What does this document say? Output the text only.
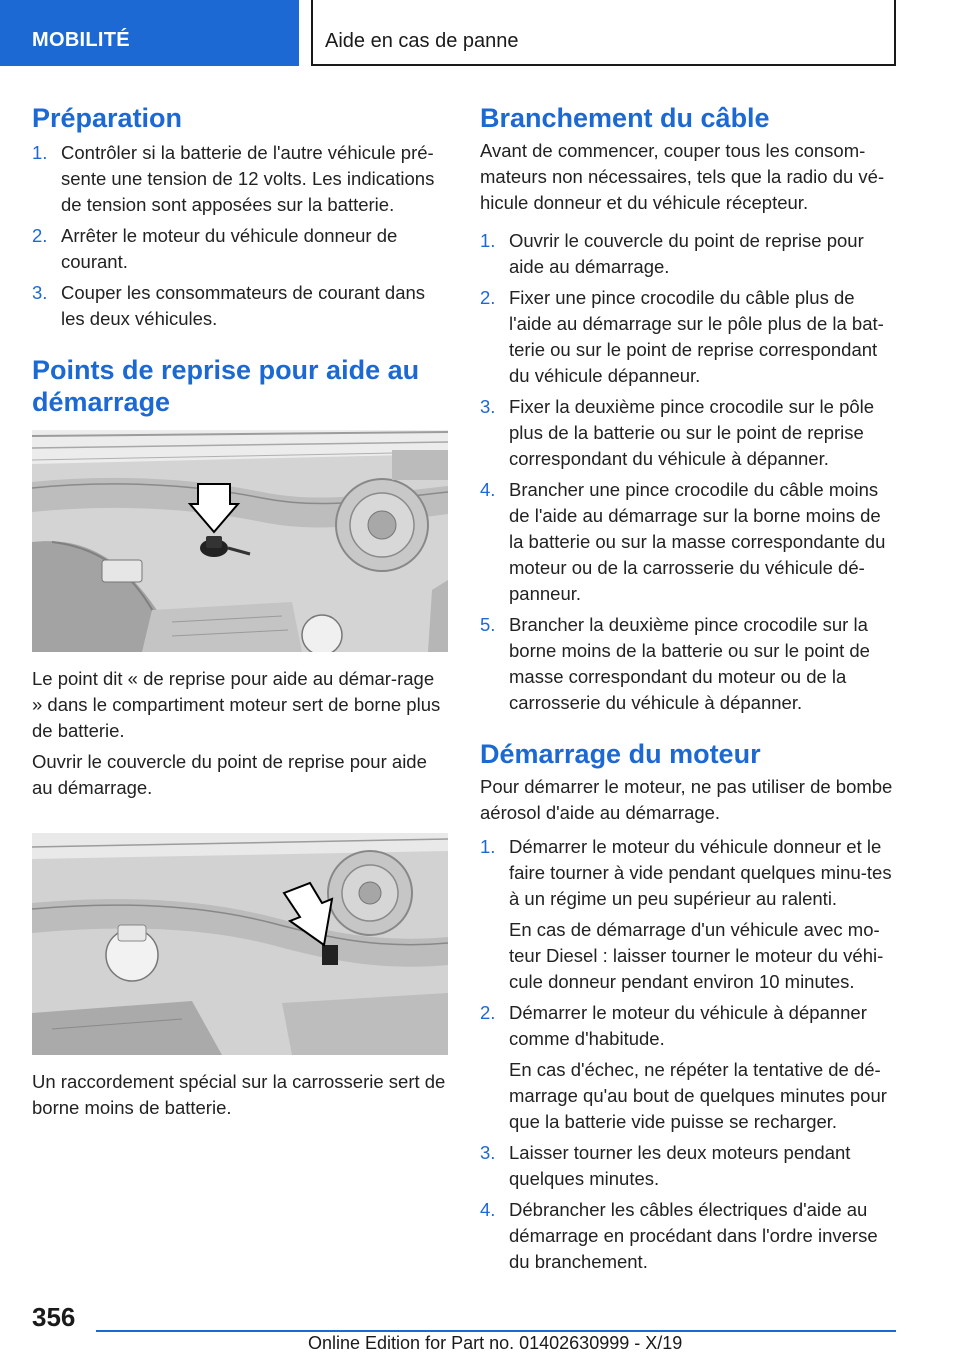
MOBILITÉ	Aide en cas de panne
Préparation
1. Contrôler si la batterie de l'autre véhicule pré-sente une tension de 12 volts. Les indications de tension sont apposées sur la batterie.
2. Arrêter le moteur du véhicule donneur de courant.
3. Couper les consommateurs de courant dans les deux véhicules.
Points de reprise pour aide au démarrage

Le point dit « de reprise pour aide au démar-rage » dans le compartiment moteur sert de borne plus de batterie.

Ouvrir le couvercle du point de reprise pour aide au démarrage.

Un raccordement spécial sur la carrosserie sert de borne moins de batterie.

Branchement du câble

Avant de commencer, couper tous les consom-mateurs non nécessaires, tels que la radio du vé-hicule donneur et du véhicule récepteur.

1. Ouvrir le couvercle du point de reprise pour aide au démarrage.
2. Fixer une pince crocodile du câble plus de l'aide au démarrage sur le pôle plus de la bat-terie ou sur le point de reprise correspondant du véhicule dépanneur.
3. Fixer la deuxième pince crocodile sur le pôle plus de la batterie ou sur le point de reprise correspondant du véhicule à dépanner.
4. Brancher une pince crocodile du câble moins de l'aide au démarrage sur la borne moins de la batterie ou sur la masse correspondante du moteur ou de la carrosserie du véhicule dé-panneur.
5. Brancher la deuxième pince crocodile sur la borne moins de la batterie ou sur le point de masse correspondant du moteur ou de la carrosserie du véhicule à dépanner.
Démarrage du moteur

Pour démarrer le moteur, ne pas utiliser de bombe aérosol d'aide au démarrage.

1. Démarrer le moteur du véhicule donneur et le faire tourner à vide pendant quelques minu-tes à un régime un peu supérieur au ralenti.
En cas de démarrage d'un véhicule avec mo-teur Diesel : laisser tourner le moteur du véhi-cule donneur pendant environ 10 minutes.
2. Démarrer le moteur du véhicule à dépanner comme d'habitude.
En cas d'échec, ne répéter la tentative de dé-marrage qu'au bout de quelques minutes pour que la batterie vide puisse se recharger.
3. Laisser tourner les deux moteurs pendant quelques minutes.
4. Débrancher les câbles électriques d'aide au démarrage en procédant dans l'ordre inverse du branchement.
356
Online Edition for Part no. 01402630999 - X/19
